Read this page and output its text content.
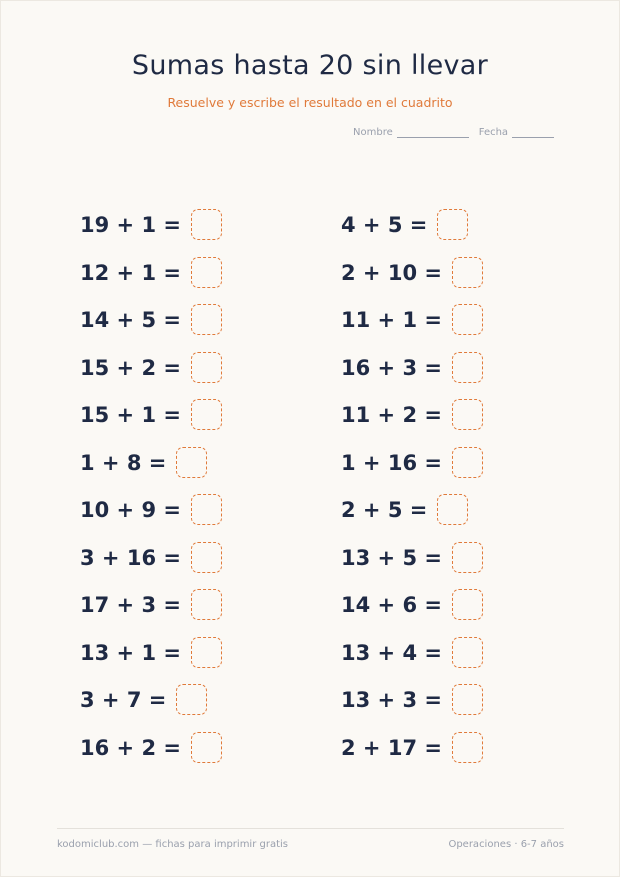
Sumas hasta 20 sin llevar
Resuelve y escribe el resultado en el cuadrito
Nombre	Fecha
19 + 1 =
12 + 1 =
14 + 5 =
15 + 2 =
15 + 1 =
1 + 8 =
10 + 9 =
3 + 16 =
17 + 3 =
13 + 1 =
3 + 7 =
16 + 2 =
4 + 5 =
2 + 10 =
11 + 1 =
16 + 3 =
11 + 2 =
1 + 16 =
2 + 5 =
13 + 5 =
14 + 6 =
13 + 4 =
13 + 3 =
2 + 17 =
kodomiclub.com — fichas para imprimir gratis	Operaciones · 6-7 años
